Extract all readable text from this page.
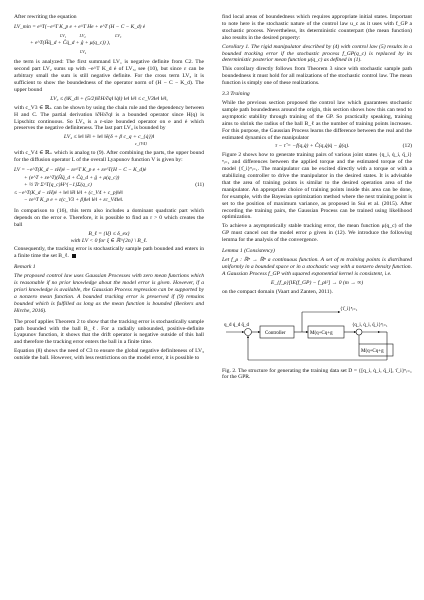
After rewriting the equation

LV_min = e^T(−e^T K_p e + e^T He + e^T (H − C − K_d) ė
LV₁	LV₂	LV₃
+ e^T(Ĥq̈_d + Ĉq̇_d + ĝ + μ(q_c)) ),
LV₄

the term is analyzed: The first summand LV₁ is negative definite from C2. The second part LV₂ sums up with −e^T K_d ė of LV₃, see (10), but since ε can be arbitrary small the sum is still negative definite. For the cross term LV₃ it is sufficient to show the boundedness of the operator norm of (H − C − K_d). The upper bound

LV₃ ≤ (‖K_d‖ + (5/2)‖∂H/∂q‖ ‖q̇‖) ‖e‖ ‖ė‖ ≤ c_V3‖e‖ ‖ė‖,

with c_V3 ∈ ℝ₊ can be shown by using the chain rule and the dependency between H and C. The partial derivation ‖∂H/∂q‖ is a bounded operator since H(q) is Lipschitz continuous. So LV₃ is a ε-size bounded operator on e and ė which preserves the negative definiteness. The last part LV₄ is bounded by

LV₄ ≤ ‖e‖ ‖ẽ‖ + ‖e‖ ‖ẽ(δ + β c_q + c_{q̇})‖
c_{V4}

with c_V4 ∈ ℝ₊ which is analog to (9). After combining the parts, the upper bound for the diffusion operator L of the overall Lyapunov function V is given by:

LV = −e^T(K_d − εH)ė − εe^T K_p e + εe^T(H − C − K_d)ė
+ (e^T + εe^T)(Ĥq̈_d + Ĉq̇_d + ĝ + μ(q_c))
+ ½ Tr Σ^T(q_c)H^{−1}Σ(q_c)	(11)
≤ −e^T(K_d − εH)ė + ‖e‖ ‖ẽ‖ ‖ė‖ + (c_V4 + c_p)‖ė‖
− εe^T K_p e + ε(c_V3 + β)‖e‖ ‖ė‖ + εc_V4‖e‖.

In comparison to (16), this term also includes a dominant quadratic part which depends on the error e. Therefore, it is possible to find an r > 0 which creates the ball

B_ℓ = {‖ξ‖ ≤ δ_ex}
with LV < 0 for ξ ∈ ℝ^{2n} \ B_ℓ.

Consequently, the tracking error is stochastically sample path bounded and enters in a finite time the set B_ℓ.

Remark 1

The proposed control law uses Gaussian Processes with zero mean functions which is reasonable if no prior knowledge about the model error is given. However, if a priori knowledge is available, the Gaussian Process regression can be supported by a nonzero mean function. A bounded tracking error is preserved if (9) remains bounded which is fulfilled as long as the mean function is bounded (Beckers and Hirche, 2016).

The proof applies Theorem 2 to show that the tracking error is stochastically sample path bounded with the ball B_ℓ. For a radially unbounded, positive-definite Lyapunov function, it shows that the drift operator is negative outside of this ball and therefore the tracking error enters the ball in a finite time.

Equation (8) shows the need of C3 to ensure the global negative definiteness of LV₃ outside the ball. However, with less restrictions on the model error, it is possible to

find local areas of boundedness which requires appropriate initial states. Important to note here is the stochastic nature of the control law u_c as it uses with f_GP a stochastic process. Nevertheless, its deterministic counterpart (the mean function) also results in the desired property:

Corollary 1. The rigid manipulator described by (4) with control law (5) results in a bounded tracking error if the stochastic process f_GP(q_c) is replaced by its deterministic posterior mean function μ(q_c) as defined in (1).

This corollary directly follows from Theorem 3 since with stochastic sample path boundedness it must hold for all realizations of the stochastic control law. The mean function is simply one of these realizations.

3.3 Training

While the previous section proposed the control law which guarantees stochastic sample path boundedness around the origin, this section shows how this can tend to asymptotic stability through training of the GP. So practically speaking, training aims to shrink the radius of the ball B_ℓ as the number of training points increases. For this purpose, the Gaussian Process learns the difference between the real and the estimated dynamics of the manipulator

τ − τ̂ = −f(q,q̇) + Ĉ(q,q̇)q̇ − ĝ(q).	(12)

Figure 2 shows how to generate training pairs of various joint states {q_i, q̇_i, q̈_i}ⁿᵢ₌₁ and differences between the applied torque and the estimated torque of the model {τ̄_i}ⁿᵢ₌₁. The manipulator can be excited directly with a torque or with a stabilizing controller to drive the manipulator in the desired states. It is advisable that the area of training points is similar to the desired operation area of the manipulator. An appropriate choice of training points inside this area can be done, for example, with the Bayesian optimization method where the next training point is set to the position of maximum variance, as proposed in Sui et al. (2015). After recording the training pairs, the Gaussian Process can be trained using likelihood optimization.

To achieve a asymptotically stable tracking error, the mean function μ(q_c) of the GP must cancel out the model error ρ given in (12). We introduce the following lemma for the analysis of the convergence.

Lemma 1 (Consistency)

Let f_ρ : ℝⁿ → ℝⁿ a continuous function. A set of m training points is distributed uniformly in a bounded space or in a stochastic way with a nonzero density function. A Gaussian Process f_GP with squared exponential kernel is consistent, i.e.

E_{f_ρ}[‖E(f_GP) − f_ρ‖²] → 0 (m → ∞)

on the compact domain (Vaart and Zanten, 2011).

q_d q̇_d q̈_d
Controller
{τ̄_i}ⁿᵢ₌₁
M(q+Cq+g
M(q+Cq+g
{q_i, q̇_i, q̈_i}ⁿᵢ₌₁

Fig. 2. The structure for generating the training data set D = {[q_i, q̇_i, q̈_i], τ̄_i}ⁿᵢ₌₁ for the GPR.
